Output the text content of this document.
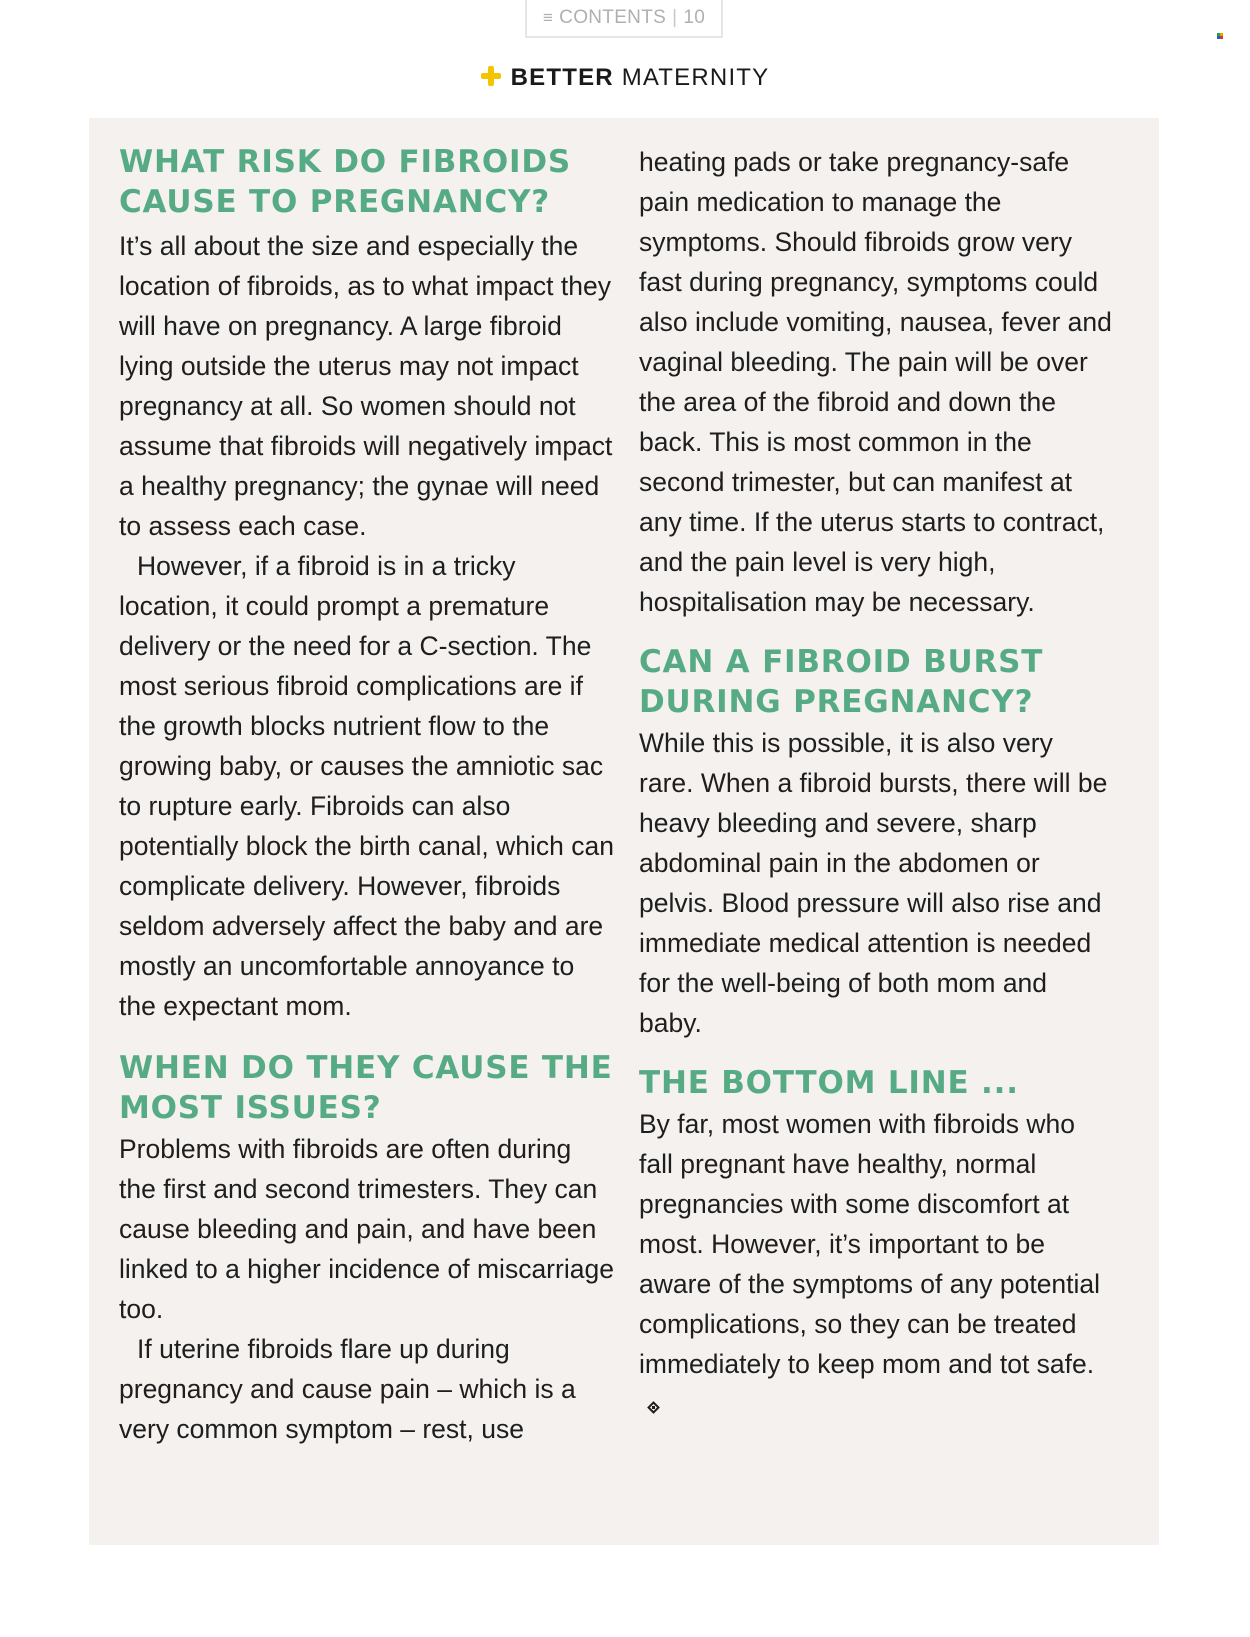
≡ CONTENTS | 10
BETTER MATERNITY
WHAT RISK DO FIBROIDS
CAUSE TO PREGNANCY?

It’s all about the size and especially the location of fibroids, as to what impact they will have on pregnancy. A large fibroid lying outside the uterus may not impact pregnancy at all. So women should not assume that fibroids will negatively impact a healthy pregnancy; the gynae will need to assess each case.

However, if a fibroid is in a tricky location, it could prompt a premature delivery or the need for a C-section. The most serious fibroid complications are if the growth blocks nutrient flow to the growing baby, or causes the amniotic sac to rupture early. Fibroids can also potentially block the birth canal, which can complicate delivery. However, fibroids seldom adversely affect the baby and are mostly an uncomfortable annoyance to the expectant mom.

WHEN DO THEY CAUSE THE
MOST ISSUES?

Problems with fibroids are often during the first and second trimesters. They can cause bleeding and pain, and have been linked to a higher incidence of miscarriage too.

If uterine fibroids flare up during pregnancy and cause pain – which is a very common symptom – rest, use

heating pads or take pregnancy-safe pain medication to manage the symptoms. Should fibroids grow very fast during pregnancy, symptoms could also include vomiting, nausea, fever and vaginal bleeding. The pain will be over the area of the fibroid and down the back. This is most common in the second trimester, but can manifest at any time. If the uterus starts to contract, and the pain level is very high, hospitalisation may be necessary.

CAN A FIBROID BURST
DURING PREGNANCY?

While this is possible, it is also very rare. When a fibroid bursts, there will be heavy bleeding and severe, sharp abdominal pain in the abdomen or pelvis. Blood pressure will also rise and immediate medical attention is needed for the well-being of both mom and baby.

THE BOTTOM LINE ...

By far, most women with fibroids who fall pregnant have healthy, normal pregnancies with some discomfort at most. However, it’s important to be aware of the symptoms of any potential complications, so they can be treated immediately to keep mom and tot safe.
